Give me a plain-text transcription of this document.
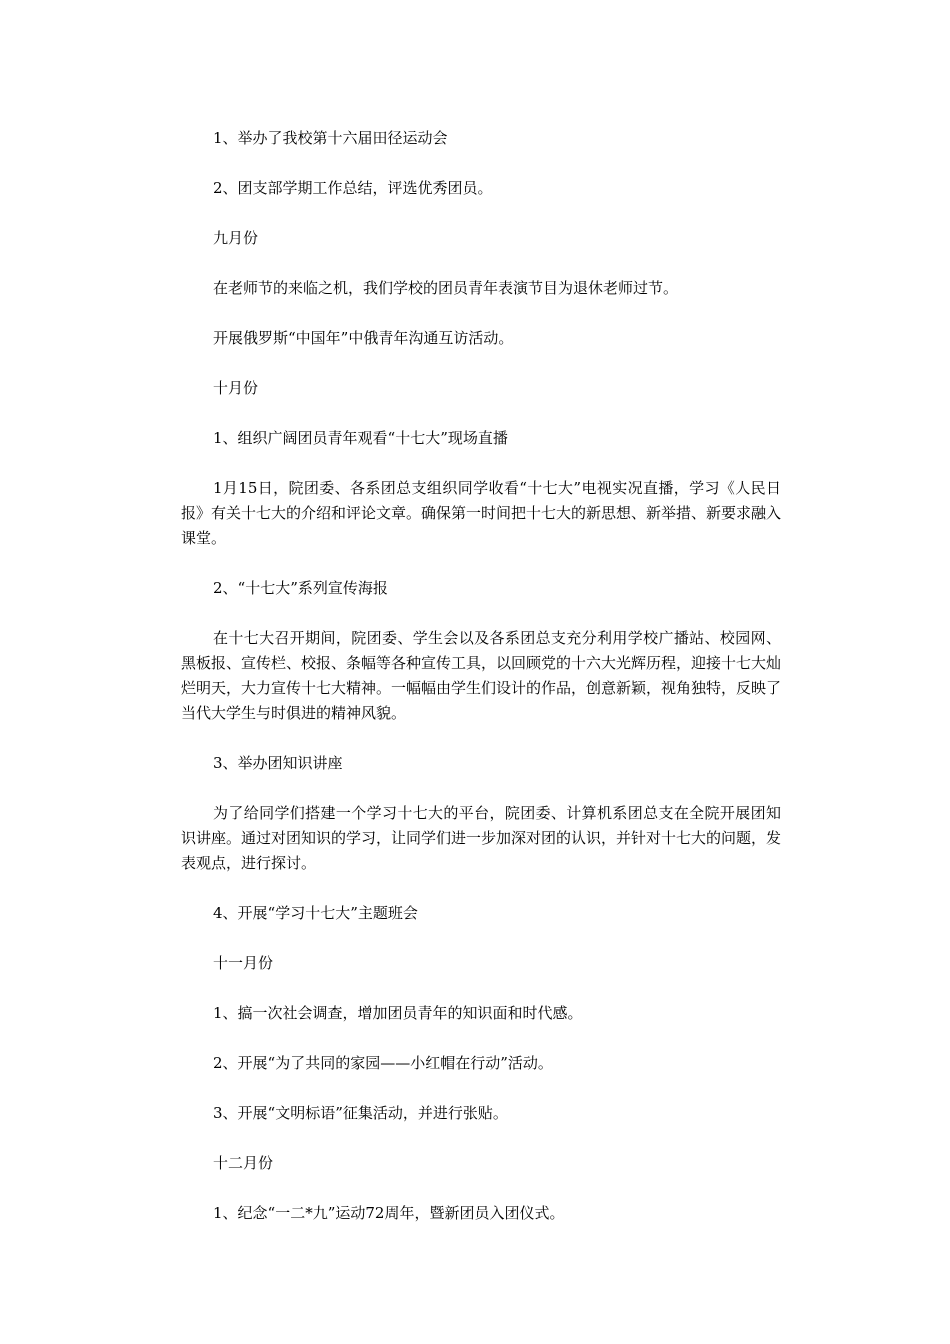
1、举办了我校第十六届田径运动会

2、团支部学期工作总结，评选优秀团员。

九月份

在老师节的来临之机，我们学校的团员青年表演节目为退休老师过节。

开展俄罗斯“中国年”中俄青年沟通互访活动。

十月份

1、组织广阔团员青年观看“十七大”现场直播

1月15日，院团委、各系团总支组织同学收看“十七大”电视实况直播，学习《人民日报》有关十七大的介绍和评论文章。确保第一时间把十七大的新思想、新举措、新要求融入课堂。

2、“十七大”系列宣传海报

在十七大召开期间，院团委、学生会以及各系团总支充分利用学校广播站、校园网、黑板报、宣传栏、校报、条幅等各种宣传工具，以回顾党的十六大光辉历程，迎接十七大灿烂明天，大力宣传十七大精神。一幅幅由学生们设计的作品，创意新颖，视角独特，反映了当代大学生与时俱进的精神风貌。

3、举办团知识讲座

为了给同学们搭建一个学习十七大的平台，院团委、计算机系团总支在全院开展团知识讲座。通过对团知识的学习，让同学们进一步加深对团的认识，并针对十七大的问题，发表观点，进行探讨。

4、开展“学习十七大”主题班会

十一月份

1、搞一次社会调查，增加团员青年的知识面和时代感。

2、开展“为了共同的家园——小红帽在行动”活动。

3、开展“文明标语”征集活动，并进行张贴。

十二月份

1、纪念“一二*九”运动72周年，暨新团员入团仪式。
